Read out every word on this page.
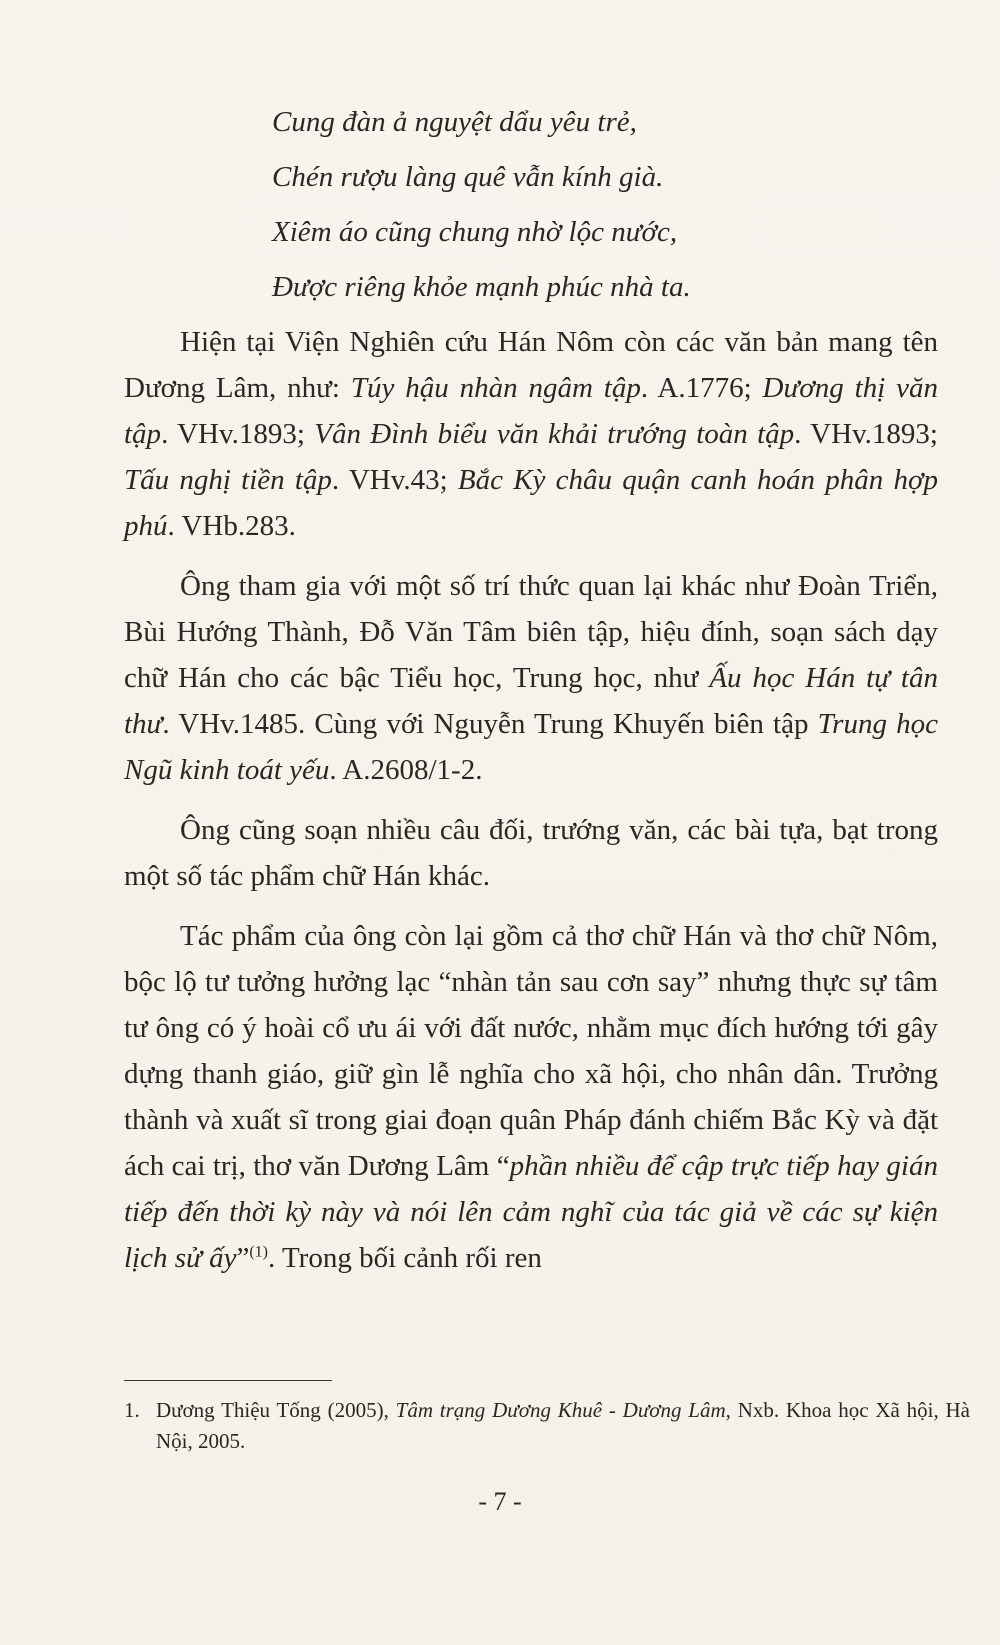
Cung đàn ả nguyệt dẩu yêu trẻ,

Chén rượu làng quê vẫn kính già.

Xiêm áo cũng chung nhờ lộc nước,

Được riêng khỏe mạnh phúc nhà ta.

Hiện tại Viện Nghiên cứu Hán Nôm còn các văn bản mang tên Dương Lâm, như: Túy hậu nhàn ngâm tập. A.1776; Dương thị văn tập. VHv.1893; Vân Đình biểu văn khải trướng toàn tập. VHv.1893; Tấu nghị tiền tập. VHv.43; Bắc Kỳ châu quận canh hoán phân hợp phú. VHb.283.

Ông tham gia với một số trí thức quan lại khác như Đoàn Triển, Bùi Hướng Thành, Đỗ Văn Tâm biên tập, hiệu đính, soạn sách dạy chữ Hán cho các bậc Tiểu học, Trung học, như Ấu học Hán tự tân thư. VHv.1485. Cùng với Nguyễn Trung Khuyến biên tập Trung học Ngũ kinh toát yếu. A.2608/1-2.

Ông cũng soạn nhiều câu đối, trướng văn, các bài tựa, bạt trong một số tác phẩm chữ Hán khác.

Tác phẩm của ông còn lại gồm cả thơ chữ Hán và thơ chữ Nôm, bộc lộ tư tưởng hưởng lạc “nhàn tản sau cơn say” nhưng thực sự tâm tư ông có ý hoài cổ ưu ái với đất nước, nhằm mục đích hướng tới gây dựng thanh giáo, giữ gìn lễ nghĩa cho xã hội, cho nhân dân. Trưởng thành và xuất sĩ trong giai đoạn quân Pháp đánh chiếm Bắc Kỳ và đặt ách cai trị, thơ văn Dương Lâm “phần nhiều để cập trực tiếp hay gián tiếp đến thời kỳ này và nói lên cảm nghĩ của tác giả về các sự kiện lịch sử ấy”$^{(1)}$. Trong bối cảnh rối ren

1. Dương Thiệu Tống (2005), Tâm trạng Dương Khuê - Dương Lâm, Nxb. Khoa học Xã hội, Hà Nội, 2005.

- 7 -
